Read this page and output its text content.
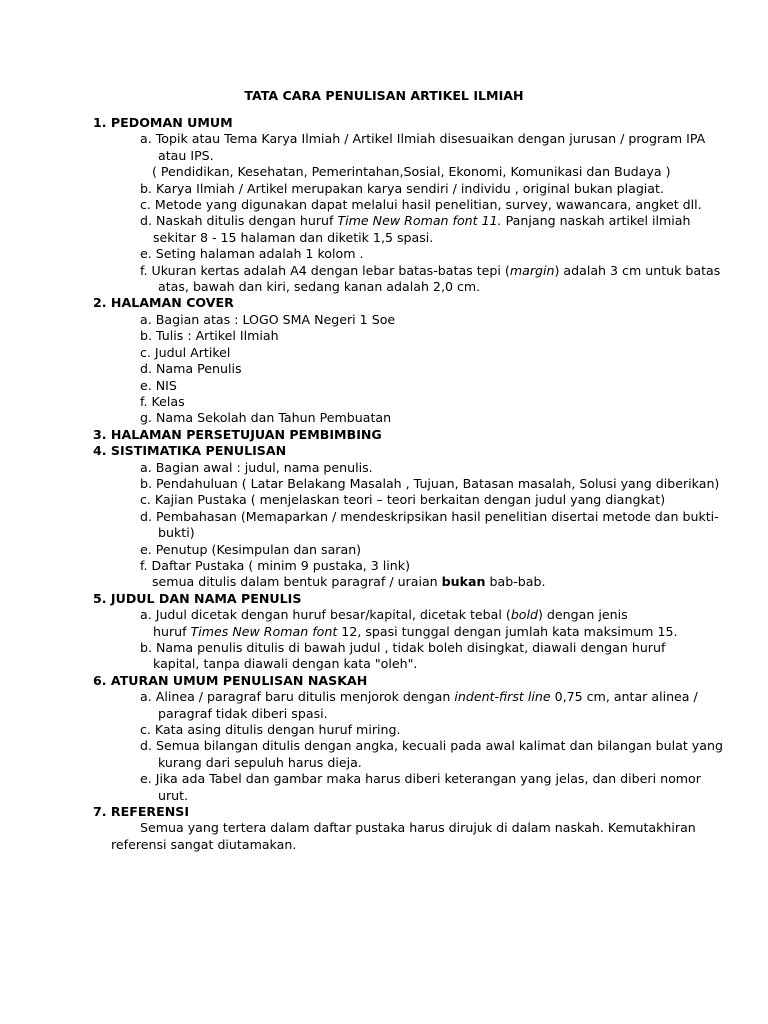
TATA CARA PENULISAN ARTIKEL ILMIAH
1. PEDOMAN UMUM
a. Topik atau Tema Karya Ilmiah / Artikel Ilmiah disesuaikan dengan jurusan / program IPA
atau IPS.
( Pendidikan, Kesehatan, Pemerintahan,Sosial, Ekonomi, Komunikasi dan Budaya )
b. Karya Ilmiah / Artikel merupakan karya sendiri / individu , original bukan plagiat.
c. Metode yang digunakan dapat melalui hasil penelitian, survey, wawancara, angket dll.
d. Naskah ditulis dengan huruf Time New Roman font 11. Panjang naskah artikel ilmiah
sekitar 8 - 15 halaman dan diketik 1,5 spasi.
e. Seting halaman adalah 1 kolom .
f. Ukuran kertas adalah A4 dengan lebar batas-batas tepi (margin) adalah 3 cm untuk batas
atas, bawah dan kiri, sedang kanan adalah 2,0 cm.
2. HALAMAN COVER
a. Bagian atas : LOGO SMA Negeri 1 Soe
b. Tulis : Artikel Ilmiah
c. Judul Artikel
d. Nama Penulis
e. NIS
f. Kelas
g. Nama Sekolah dan Tahun Pembuatan
3. HALAMAN PERSETUJUAN PEMBIMBING
4. SISTIMATIKA PENULISAN
a. Bagian awal : judul, nama penulis.
b. Pendahuluan ( Latar Belakang Masalah , Tujuan, Batasan masalah, Solusi yang diberikan)
c. Kajian Pustaka ( menjelaskan teori – teori berkaitan dengan judul yang diangkat)
d. Pembahasan (Memaparkan / mendeskripsikan hasil penelitian disertai metode dan bukti-
bukti)
e. Penutup (Kesimpulan dan saran)
f. Daftar Pustaka ( minim 9 pustaka, 3 link)
semua ditulis dalam bentuk paragraf / uraian bukan bab-bab.
5. JUDUL DAN NAMA PENULIS
a. Judul dicetak dengan huruf besar/kapital, dicetak tebal (bold) dengan jenis
huruf Times New Roman font 12, spasi tunggal dengan jumlah kata maksimum 15.
b. Nama penulis ditulis di bawah judul , tidak boleh disingkat, diawali dengan huruf
kapital, tanpa diawali dengan kata "oleh".
6. ATURAN UMUM PENULISAN NASKAH
a. Alinea / paragraf baru ditulis menjorok dengan indent-first line 0,75 cm, antar alinea /
paragraf tidak diberi spasi.
c. Kata asing ditulis dengan huruf miring.
d. Semua bilangan ditulis dengan angka, kecuali pada awal kalimat dan bilangan bulat yang
kurang dari sepuluh harus dieja.
e. Jika ada Tabel dan gambar maka harus diberi keterangan yang jelas, dan diberi nomor
urut.
7. REFERENSI
Semua yang tertera dalam daftar pustaka harus dirujuk di dalam naskah. Kemutakhiran
referensi sangat diutamakan.
